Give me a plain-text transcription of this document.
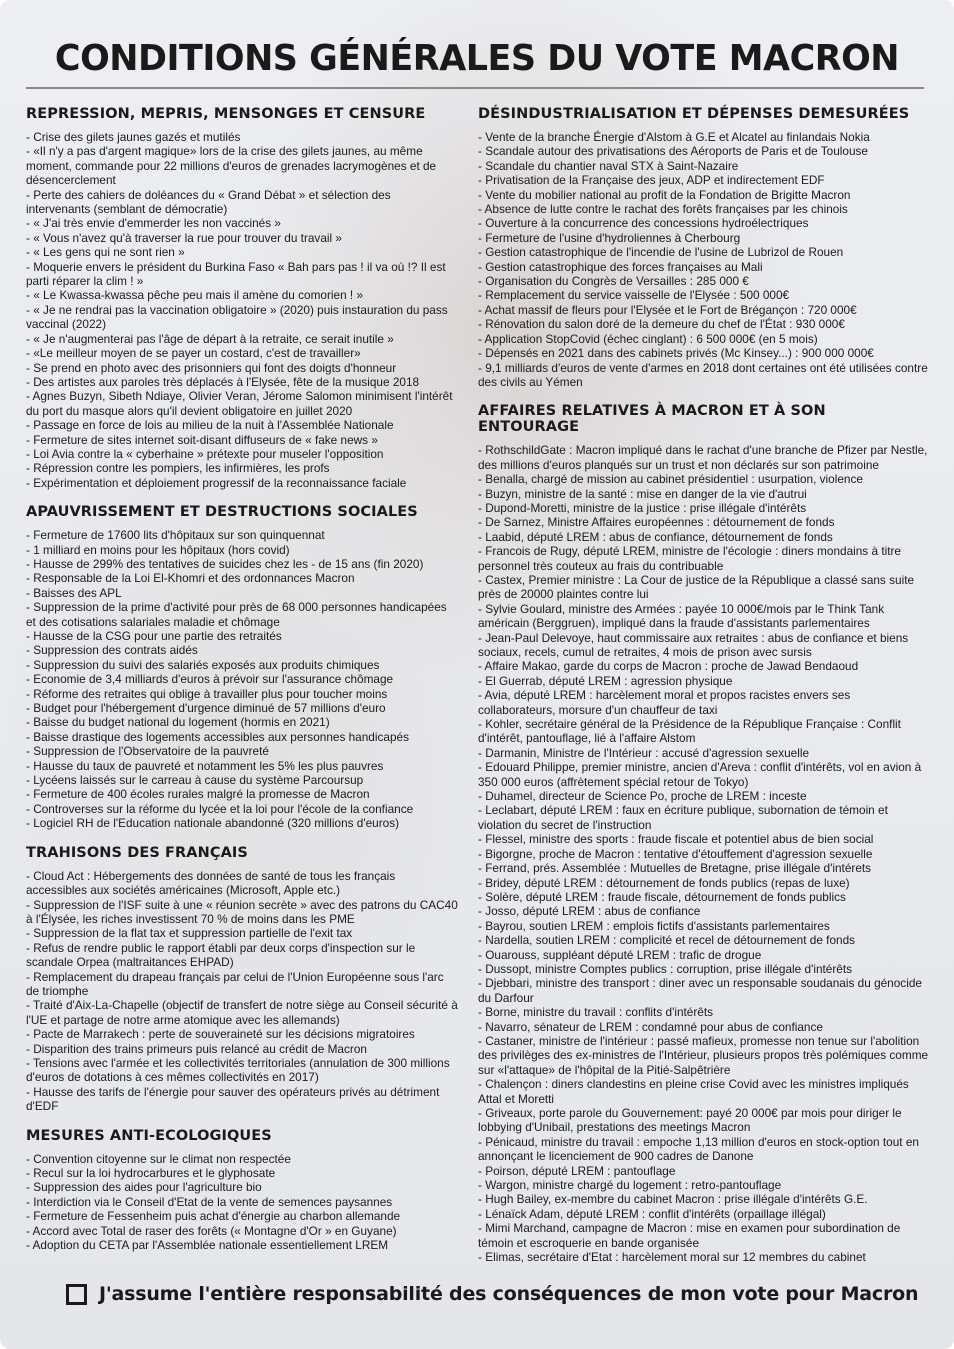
CONDITIONS GÉNÉRALES DU VOTE MACRON
REPRESSION, MEPRIS, MENSONGES ET CENSURE
- Crise des gilets jaunes gazés et mutilés
- «Il n'y a pas d'argent magique» lors de la crise des gilets jaunes, au même moment, commande pour 22 millions d'euros de grenades lacrymogènes et de désencerclement
- Perte des cahiers de doléances du « Grand Débat » et sélection des intervenants (semblant de démocratie)
- « J'ai très envie d'emmerder les non vaccinés »
- « Vous n'avez qu'à traverser la rue pour trouver du travail »
- « Les gens qui ne sont rien »
- Moquerie envers le président du Burkina Faso « Bah pars pas ! il va où !? Il est parti réparer la clim ! »
- « Le Kwassa-kwassa pêche peu mais il amène du comorien ! »
- « Je ne rendrai pas la vaccination obligatoire » (2020) puis instauration du pass vaccinal (2022)
- « Je n'augmenterai pas l'âge de départ à la retraite, ce serait inutile »
- «Le meilleur moyen de se payer un costard, c'est de travailler»
- Se prend en photo avec des prisonniers qui font des doigts d'honneur
- Des artistes aux paroles très déplacés à l'Elysée, fête de la musique 2018
- Agnes Buzyn, Sibeth Ndiaye, Olivier Veran, Jérome Salomon minimisent l'intérêt du port du masque alors qu'il devient obligatoire en juillet 2020
- Passage en force de lois au milieu de la nuit à l'Assemblée Nationale
- Fermeture de sites internet soit-disant diffuseurs de « fake news »
- Loi Avia contre la « cyberhaine » prétexte pour museler l'opposition
- Répression contre les pompiers, les infirmières, les profs
- Expérimentation et déploiement progressif de la reconnaissance faciale
APAUVRISSEMENT ET DESTRUCTIONS SOCIALES
- Fermeture de 17600 lits d'hôpitaux sur son quinquennat
- 1 milliard en moins pour les hôpitaux (hors covid)
- Hausse de 299% des tentatives de suicides chez les - de 15 ans (fin 2020)
- Responsable de la Loi El-Khomri et des ordonnances Macron
- Baisses des APL
- Suppression de la prime d'activité pour près de 68 000 personnes handicapées et des cotisations salariales maladie et chômage
- Hausse de la CSG pour une partie des retraités
- Suppression des contrats aidés
- Suppression du suivi des salariés exposés aux produits chimiques
- Economie de 3,4 milliards d'euros à prévoir sur l'assurance chômage
- Réforme des retraites qui oblige à travailler plus pour toucher moins
- Budget pour l'hébergement d'urgence diminué de 57 millions d'euro
- Baisse du budget national du logement (hormis en 2021)
- Baisse drastique des logements accessibles aux personnes handicapés
- Suppression de l'Observatoire de la pauvreté
- Hausse du taux de pauvreté et notamment les 5% les plus pauvres
- Lycéens laissés sur le carreau à cause du système Parcoursup
- Fermeture de 400 écoles rurales malgré la promesse de Macron
- Controverses sur la réforme du lycée et la loi pour l'école de la confiance
- Logiciel RH de l'Education nationale abandonné (320 millions d'euros)
TRAHISONS DES FRANÇAIS
- Cloud Act : Hébergements des données de santé de tous les français accessibles aux sociétés américaines (Microsoft, Apple etc.)
- Suppression de l'ISF suite à une « réunion secrète » avec des patrons du CAC40 à l'Élysée, les riches investissent 70 % de moins dans les PME
- Suppression de la flat tax et suppression partielle de l'exit tax
- Refus de rendre public le rapport établi par deux corps d'inspection sur le scandale Orpea (maltraitances EHPAD)
- Remplacement du drapeau français par celui de l'Union Européenne sous l'arc de triomphe
- Traité d'Aix-La-Chapelle (objectif de transfert de notre siège au Conseil sécurité à l'UE et partage de notre arme atomique avec les allemands)
- Pacte de Marrakech : perte de souveraineté sur les décisions migratoires
- Disparition des trains primeurs puis relancé au crédit de Macron
- Tensions avec l'armée et les collectivités territoriales (annulation de 300 millions d'euros de dotations à ces mêmes collectivités en 2017)
- Hausse des tarifs de l'énergie pour sauver des opérateurs privés au détriment d'EDF
MESURES ANTI-ECOLOGIQUES
- Convention citoyenne sur le climat non respectée
- Recul sur la loi hydrocarbures et le glyphosate
- Suppression des aides pour l'agriculture bio
- Interdiction via le Conseil d'Etat de la vente de semences paysannes
- Fermeture de Fessenheim puis achat d'énergie au charbon allemande
- Accord avec Total de raser des forêts (« Montagne d'Or » en Guyane)
- Adoption du CETA par l'Assemblée nationale essentiellement LREM
DÉSINDUSTRIALISATION ET DÉPENSES DEMESURÉES
- Vente de la branche Énergie d'Alstom à G.E et Alcatel au finlandais Nokia
- Scandale autour des privatisations des Aéroports de Paris et de Toulouse
- Scandale du chantier naval STX à Saint-Nazaire
- Privatisation de la Française des jeux, ADP et indirectement EDF
- Vente du mobilier national au profit de la Fondation de Brigitte Macron
- Absence de lutte contre le rachat des forêts françaises par les chinois
- Ouverture à la concurrence des concessions hydroélectriques
- Fermeture de l'usine d'hydroliennes à Cherbourg
- Gestion catastrophique de l'incendie de l'usine de Lubrizol de Rouen
- Gestion catastrophique des forces françaises au Mali
- Organisation du Congrès de Versailles : 285 000 €
- Remplacement du service vaisselle de l'Elysée : 500 000€
- Achat massif de fleurs pour l'Elysée et le Fort de Brégançon : 720 000€
- Rénovation du salon doré de la demeure du chef de l'État : 930 000€
- Application StopCovid (échec cinglant) : 6 500 000€ (en 5 mois)
- Dépensés en 2021 dans des cabinets privés (Mc Kinsey...) : 900 000 000€
- 9,1 milliards d'euros de vente d'armes en 2018 dont certaines ont été utilisées contre des civils au Yémen
AFFAIRES RELATIVES À MACRON ET À SON ENTOURAGE
- RothschildGate : Macron impliqué dans le rachat d'une branche de Pfizer par Nestle, des millions d'euros planqués sur un trust et non déclarés sur son patrimoine
- Benalla, chargé de mission au cabinet présidentiel : usurpation, violence
- Buzyn, ministre de la santé : mise en danger de la vie d'autrui
- Dupond-Moretti, ministre de la justice : prise illégale d'intérêts
- De Sarnez, Ministre Affaires européennes : détournement de fonds
- Laabid, député LREM : abus de confiance, détournement de fonds
- Francois de Rugy, député LREM, ministre de l'écologie : diners mondains à titre personnel très couteux au frais du contribuable
- Castex, Premier ministre : La Cour de justice de la République a classé sans suite près de 20000 plaintes contre lui
- Sylvie Goulard, ministre des Armées : payée 10 000€/mois par le Think Tank américain (Berggruen), impliqué dans la fraude d'assistants parlementaires
- Jean-Paul Delevoye, haut commissaire aux retraites : abus de confiance et biens sociaux, recels, cumul de retraites, 4 mois de prison avec sursis
- Affaire Makao, garde du corps de Macron : proche de Jawad Bendaoud
- El Guerrab, député LREM : agression physique
- Avia, député LREM : harcèlement moral et propos racistes envers ses collaborateurs, morsure d'un chauffeur de taxi
- Kohler, secrétaire général de la Présidence de la République Française : Conflit d'intérêt, pantouflage, lié à l'affaire Alstom
- Darmanin, Ministre de l'Intérieur : accusé d'agression sexuelle
- Edouard Philippe, premier ministre, ancien d'Areva : conflit d'intérêts, vol en avion à 350 000 euros (affrètement spécial retour de Tokyo)
- Duhamel, directeur de Science Po, proche de LREM : inceste
- Leclabart, député LREM : faux en écriture publique, subornation de témoin et violation du secret de l'instruction
- Flessel, ministre des sports : fraude fiscale et potentiel abus de bien social
- Bigorgne, proche de Macron : tentative d'étouffement d'agression sexuelle
- Ferrand, prés. Assemblée : Mutuelles de Bretagne, prise illégale d'intérets
- Bridey, député LREM : détournement de fonds publics (repas de luxe)
- Solère, député LREM : fraude fiscale, détournement de fonds publics
- Josso, député LREM : abus de confiance
- Bayrou, soutien LREM : emplois fictifs d'assistants parlementaires
- Nardella, soutien LREM : complicité et recel de détournement de fonds
- Ouarouss, suppléant député LREM : trafic de drogue
- Dussopt, ministre Comptes publics : corruption, prise illégale d'intérêts
- Djebbari, ministre des transport : diner avec un responsable soudanais du génocide du Darfour
- Borne, ministre du travail : conflits d'intérêts
- Navarro, sénateur de LREM : condamné pour abus de confiance
- Castaner, ministre de l'intérieur : passé mafieux, promesse non tenue sur l'abolition des privilèges des ex-ministres de l'Intérieur, plusieurs propos très polémiques comme sur «l'attaque» de l'hôpital de la Pitié-Salpêtrière
- Chalençon : diners clandestins en pleine crise Covid avec les ministres impliqués Attal et Moretti
- Griveaux, porte parole du Gouvernement: payé 20 000€ par mois pour diriger le lobbying d'Unibail, prestations des meetings Macron
- Pénicaud, ministre du travail : empoche 1,13 million d'euros en stock-option tout en annonçant le licenciement de 900 cadres de Danone
- Poirson, député LREM : pantouflage
- Wargon, ministre chargé du logement : retro-pantouflage
- Hugh Bailey, ex-membre du cabinet Macron : prise illégale d'intérêts G.E.
- Lénaïck Adam, député LREM : conflit d'intérêts (orpaillage illégal)
- Mimi Marchand, campagne de Macron : mise en examen pour subordination de témoin et escroquerie en bande organisée
- Elimas, secrétaire d'Etat : harcèlement moral sur 12 membres du cabinet
J'assume l'entière responsabilité des conséquences de mon vote pour Macron
